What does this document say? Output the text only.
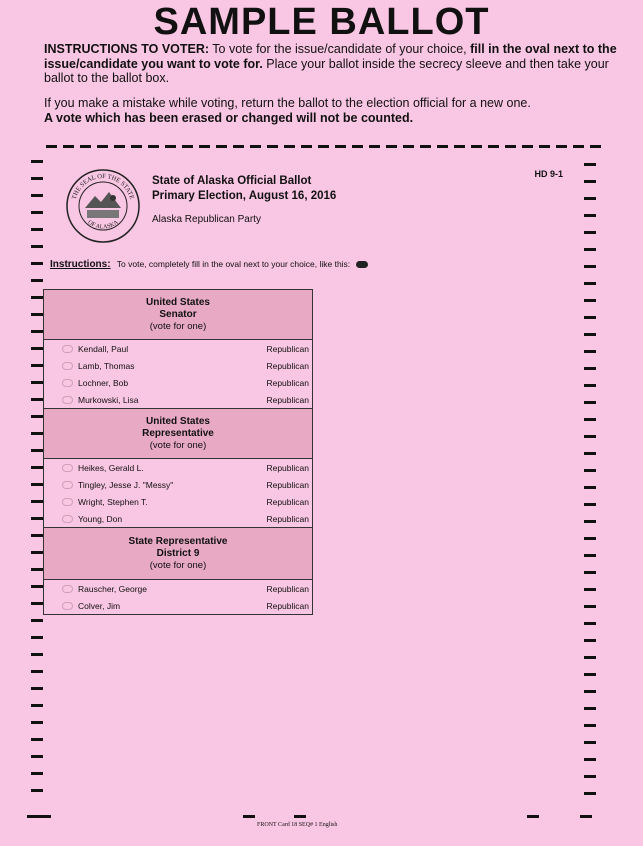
SAMPLE BALLOT
INSTRUCTIONS TO VOTER: To vote for the issue/candidate of your choice, fill in the oval next to the issue/candidate you want to vote for. Place your ballot inside the secrecy sleeve and then take your ballot to the ballot box.
If you make a mistake while voting, return the ballot to the election official for a new one.
A vote which has been erased or changed will not be counted.
HD 9-1
THE SEAL OF THE STATE
OF ALASKA
State of Alaska Official Ballot
Primary Election, August 16, 2016
Alaska Republican Party
Instructions: To vote, completely fill in the oval next to your choice, like this:
United States
Senator
(vote for one)
Kendall, Paul	Republican
Lamb, Thomas	Republican
Lochner, Bob	Republican
Murkowski, Lisa	Republican
United States
Representative
(vote for one)
Heikes, Gerald L.	Republican
Tingley, Jesse J. "Messy"	Republican
Wright, Stephen T.	Republican
Young, Don	Republican
State Representative
District 9
(vote for one)
Rauscher, George	Republican
Colver, Jim	Republican
FRONT Card 18 SEQ# 1 English
